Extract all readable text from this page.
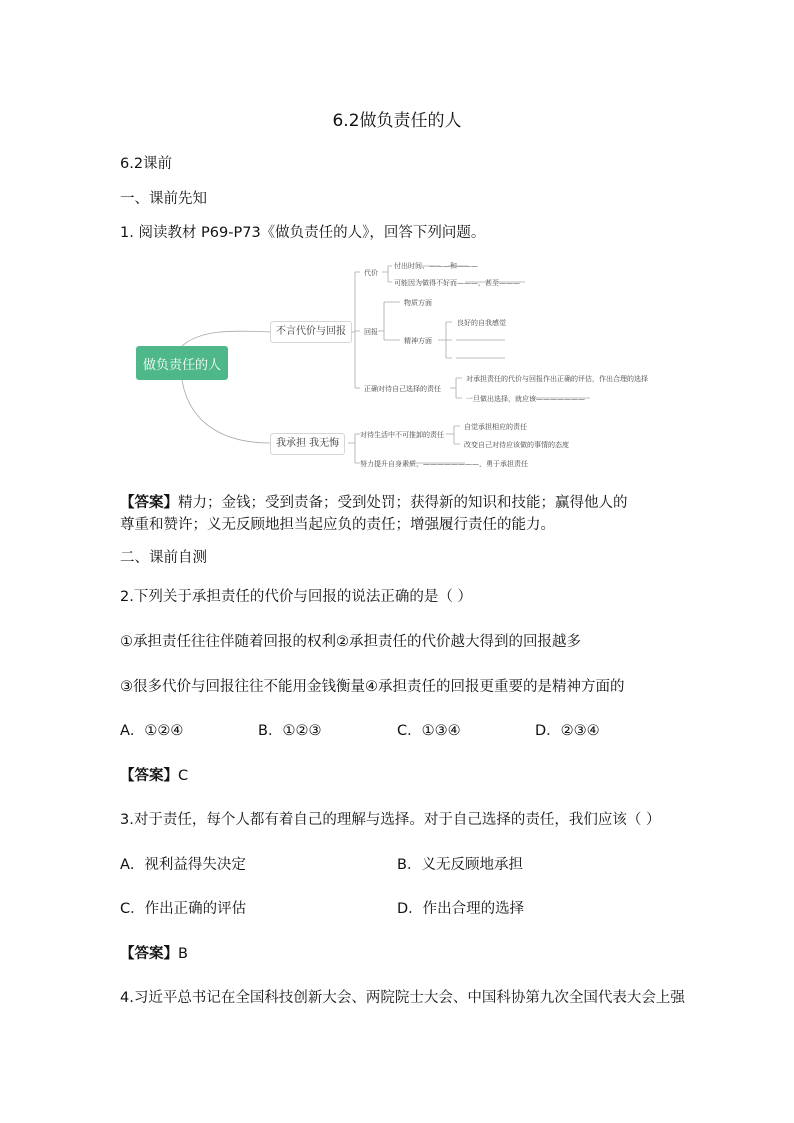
6.2做负责任的人
6.2课前
一、课前先知
1. 阅读教材 P69-P73《做负责任的人》，回答下列问题。
做负责任的人
不言代价与回报
我承担 我无悔
代价
付出时间、———和———
可能因为做得不好而———，甚至———
回报
物质方面
精神方面
良好的自我感觉
正确对待自己选择的责任
对承担责任的代价与回报作出正确的评估，作出合理的选择
一旦做出选择，就应该———————
对待生活中不可推卸的责任
自觉承担相应的责任
改变自己对待应该做的事情的态度
努力提升自身素质，————————，勇于承担责任
【答案】精力；金钱；受到责备；受到处罚；获得新的知识和技能；赢得他人的
尊重和赞许；义无反顾地担当起应负的责任；增强履行责任的能力。
二、课前自测
2.下列关于承担责任的代价与回报的说法正确的是（ ）
①承担责任往往伴随着回报的权利②承担责任的代价越大得到的回报越多
③很多代价与回报往往不能用金钱衡量④承担责任的回报更重要的是精神方面的
A．①②④	B．①②③	C．①③④	D．②③④
【答案】C
3.对于责任，每个人都有着自己的理解与选择。对于自己选择的责任，我们应该（ ）
A．视利益得失决定	B．义无反顾地承担
C．作出正确的评估	D．作出合理的选择
【答案】B
4.习近平总书记在全国科技创新大会、两院院士大会、中国科协第九次全国代表大会上强
